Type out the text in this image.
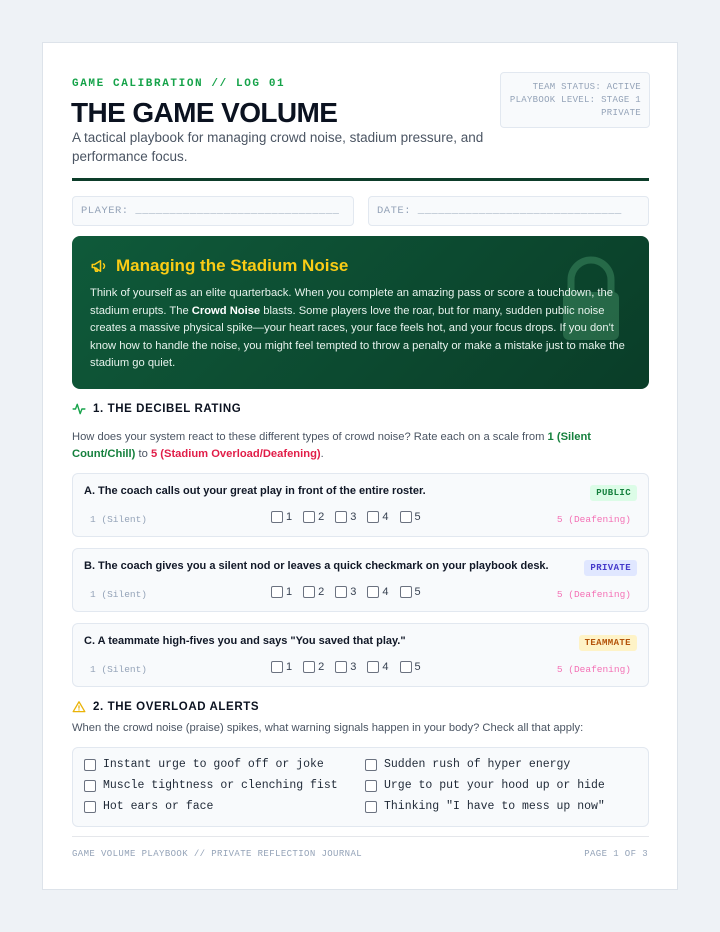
GAME CALIBRATION // LOG 01
THE GAME VOLUME
A tactical playbook for managing crowd noise, stadium pressure, and performance focus.
TEAM STATUS: ACTIVE
PLAYBOOK LEVEL: STAGE 1
PRIVATE
PLAYER: ______________________________	DATE: ______________________________
Managing the Stadium Noise
Think of yourself as an elite quarterback. When you complete an amazing pass or score a touchdown, the stadium erupts. The Crowd Noise blasts. Some players love the roar, but for many, sudden public noise creates a massive physical spike—your heart races, your face feels hot, and your focus drops. If you don't know how to handle the noise, you might feel tempted to throw a penalty or make a mistake just to make the stadium go quiet.
1. THE DECIBEL RATING
How does your system react to these different types of crowd noise? Rate each on a scale from 1 (Silent Count/Chill) to 5 (Stadium Overload/Deafening).
A. The coach calls out your great play in front of the entire roster.	PUBLIC
1 (Silent)	1 2 3 4 5	5 (Deafening)
B. The coach gives you a silent nod or leaves a quick checkmark on your playbook desk.	PRIVATE
1 (Silent)	1 2 3 4 5	5 (Deafening)
C. A teammate high-fives you and says "You saved that play."	TEAMMATE
1 (Silent)	1 2 3 4 5	5 (Deafening)
2. THE OVERLOAD ALERTS
When the crowd noise (praise) spikes, what warning signals happen in your body? Check all that apply:
Instant urge to goof off or joke	Sudden rush of hyper energy
Muscle tightness or clenching fist	Urge to put your hood up or hide
Hot ears or face	Thinking "I have to mess up now"
GAME VOLUME PLAYBOOK // PRIVATE REFLECTION JOURNAL	PAGE 1 OF 3
